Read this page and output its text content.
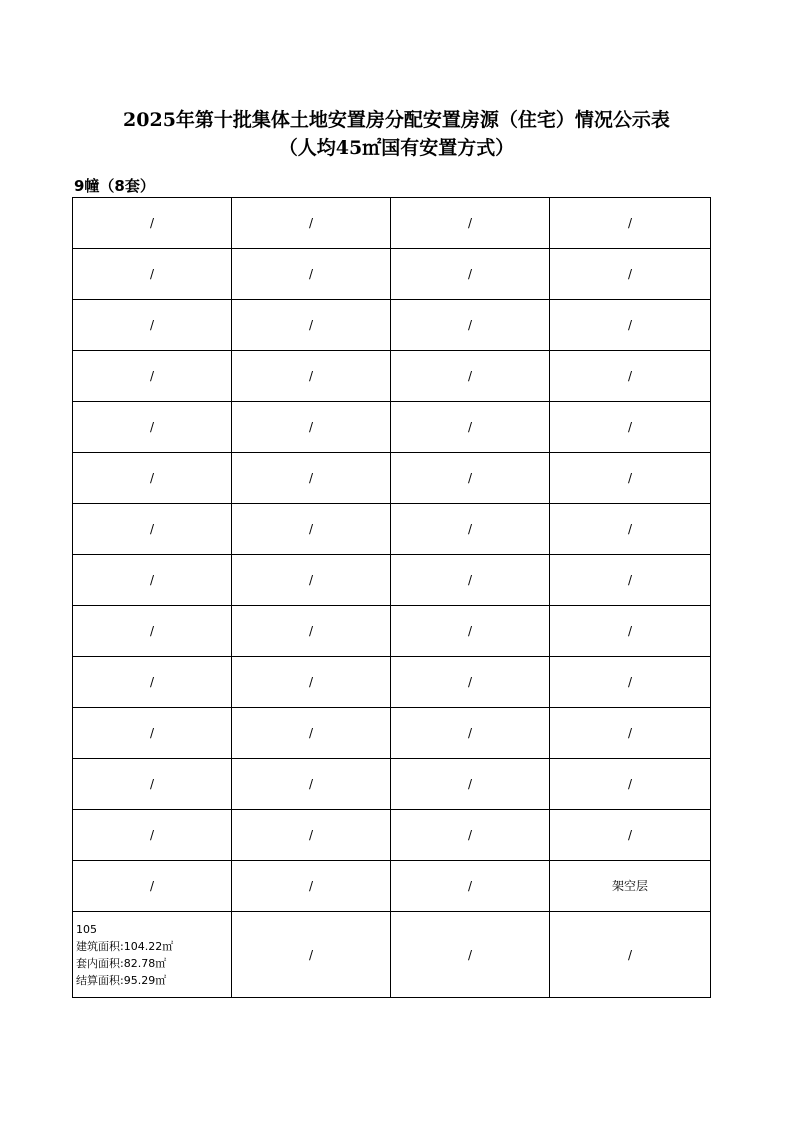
2025年第十批集体土地安置房分配安置房源（住宅）情况公示表
（人均45㎡国有安置方式）
9幢（8套）
/	/	/	/
/	/	/	/
/	/	/	/
/	/	/	/
/	/	/	/
/	/	/	/
/	/	/	/
/	/	/	/
/	/	/	/
/	/	/	/
/	/	/	/
/	/	/	/
/	/	/	/
/	/	/	架空层

105
建筑面积:104.22㎡
套内面积:82.78㎡
结算面积:95.29㎡	/	/	/
